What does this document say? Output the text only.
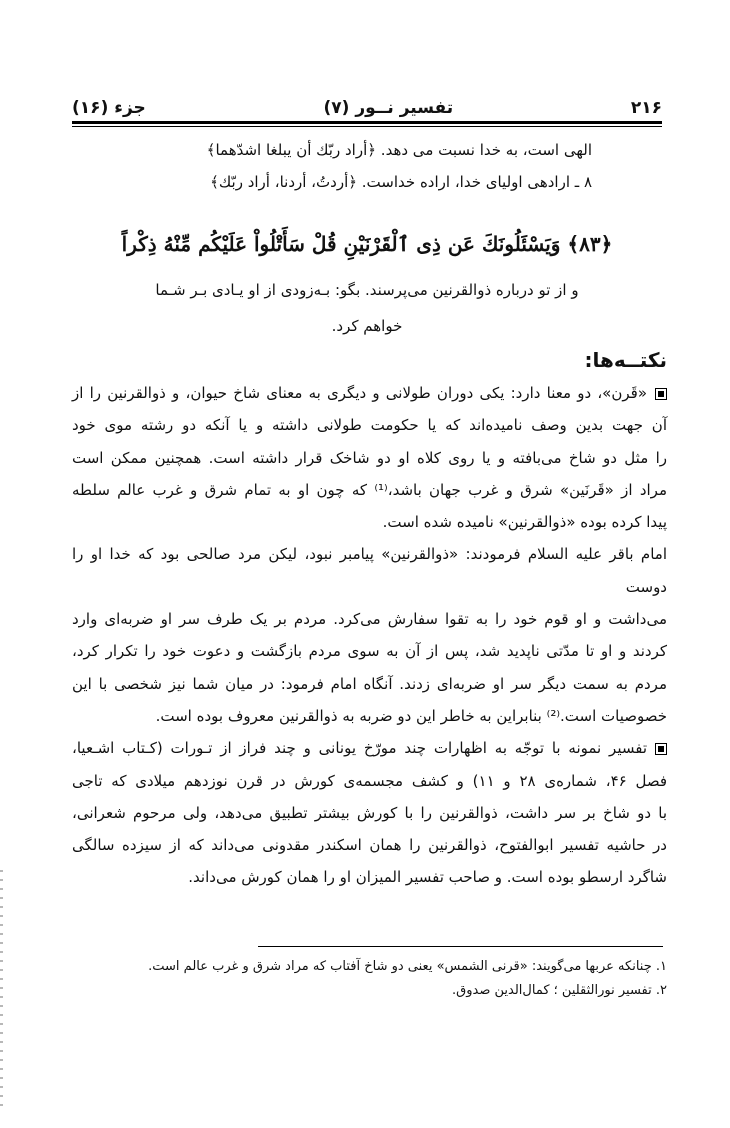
۲۱۶
تفسیر نــور (۷)
جزء (۱۶)
الهی است، به خدا نسبت می دهد. ﴿أراد ربّك أن يبلغا اشدّهما﴾
۸ ـ ارادهی اولیای خدا، اراده خداست. ﴿أردتُ، أردنا، أراد ربّك﴾
﴿۸۳﴾ وَيَسْئَلُونَكَ عَن ذِى ٱلْقَرْنَيْنِ قُلْ سَأَتْلُواْ عَلَيْكُم مِّنْهُ ذِكْراً
و از تو درباره ذوالقرنین می‌پرسند. بگو: بـه‌زودی از او یـادی بـر شـما
خواهم کرد.
نکتــه‌ها:
«قَرن»، دو معنا دارد: یکی دوران طولانی و دیگری به معنای شاخ حیوان، و ذوالقرنین را از
آن جهت بدین وصف نامیده‌اند که یا حکومت طولانی داشته و یا آنکه دو رشته موی خود
را مثل دو شاخ می‌بافته و یا روی کلاه او دو شاخک قرار داشته است. همچنین ممکن است
مراد از «قَرنَین» شرق و غرب جهان باشد،⁽¹⁾ که چون او به تمام شرق و غرب عالم سلطه
پیدا کرده بوده «ذوالقرنین» نامیده شده است.
امام باقر عليه السلام فرمودند: «ذوالقرنین» پیامبر نبود، لیکن مرد صالحی بود که خدا او را دوست
می‌داشت و او قوم خود را به تقوا سفارش می‌کرد. مردم بر یک طرف سر او ضربه‌ای وارد
کردند و او تا مدّتی ناپدید شد، پس از آن به سوی مردم بازگشت و دعوت خود را تکرار کرد،
مردم به سمت دیگر سر او ضربه‌ای زدند. آنگاه امام فرمود: در میان شما نیز شخصی با این
خصوصیات است.⁽²⁾ بنابراین به خاطر این دو ضربه به ذوالقرنین معروف بوده است.
تفسیر نمونه با توجّه به اظهارات چند مورّخ یونانی و چند فراز از تـورات (کـتاب اشـعیا،
فصل ۴۶، شماره‌ی ۲۸ و ۱۱) و کشف مجسمه‌ی کورش در قرن نوزدهم میلادی که تاجی
با دو شاخ بر سر داشت، ذوالقرنین را با کورش بیشتر تطبیق می‌دهد، ولی مرحوم شعرانی،
در حاشیه تفسیر ابوالفتوح، ذوالقرنین را همان اسکندر مقدونی می‌داند که از سیزده سالگی
شاگرد ارسطو بوده است. و صاحب تفسیر المیزان او را همان کورش می‌داند.
۱. چنانکه عربها می‌گویند: «قرنی الشمس» یعنی دو شاخ آفتاب که مراد شرق و غرب عالم است.
۲. تفسیر نورالثقلین ؛ کمال‌الدین صدوق.
